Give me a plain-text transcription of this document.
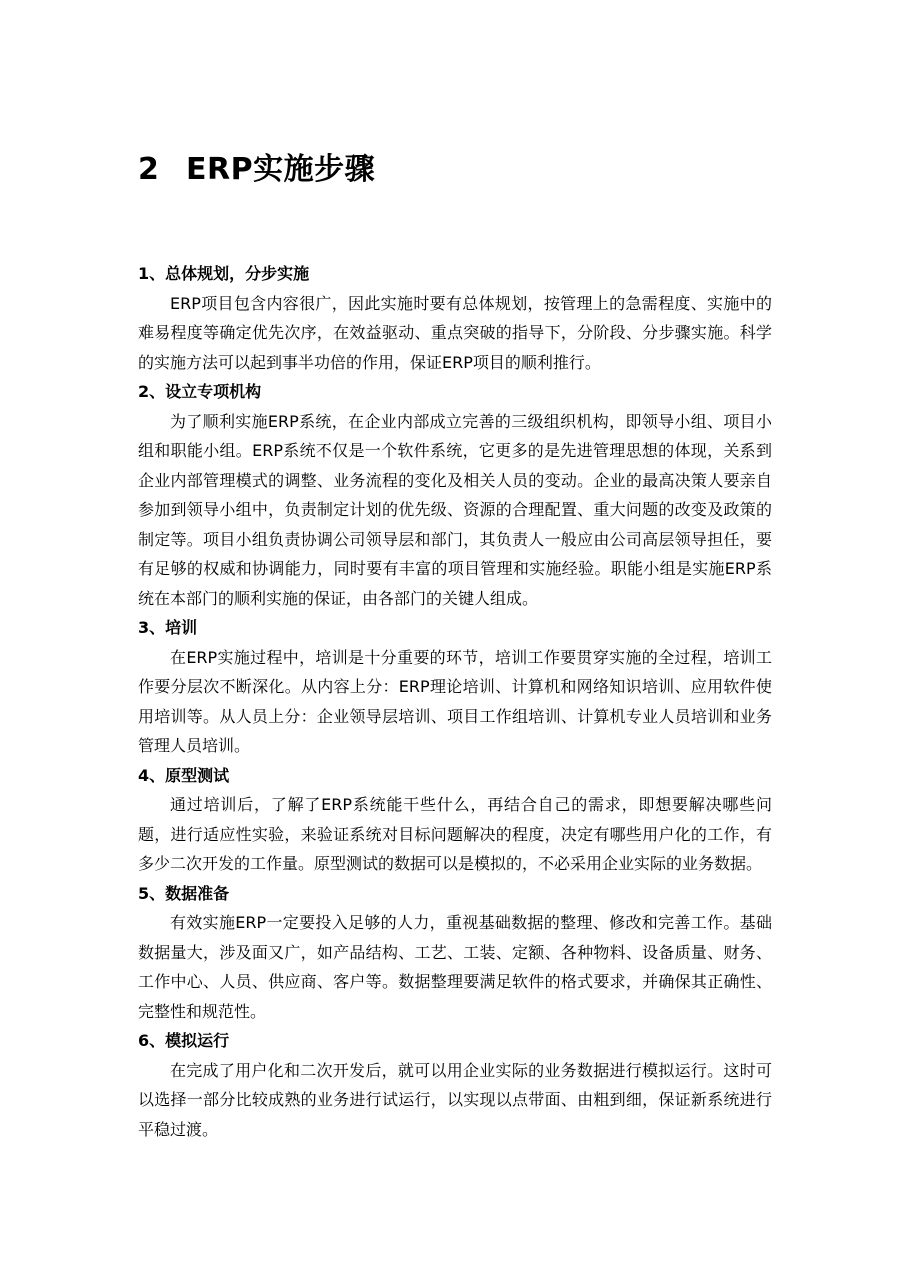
2 ERP实施步骤

1、总体规划，分步实施

ERP项目包含内容很广，因此实施时要有总体规划，按管理上的急需程度、实施中的难易程度等确定优先次序，在效益驱动、重点突破的指导下，分阶段、分步骤实施。科学的实施方法可以起到事半功倍的作用，保证ERP项目的顺利推行。

2、设立专项机构

为了顺利实施ERP系统，在企业内部成立完善的三级组织机构，即领导小组、项目小组和职能小组。ERP系统不仅是一个软件系统，它更多的是先进管理思想的体现，关系到企业内部管理模式的调整、业务流程的变化及相关人员的变动。企业的最高决策人要亲自参加到领导小组中，负责制定计划的优先级、资源的合理配置、重大问题的改变及政策的制定等。项目小组负责协调公司领导层和部门，其负责人一般应由公司高层领导担任，要有足够的权威和协调能力，同时要有丰富的项目管理和实施经验。职能小组是实施ERP系统在本部门的顺利实施的保证，由各部门的关键人组成。

3、培训

在ERP实施过程中，培训是十分重要的环节，培训工作要贯穿实施的全过程，培训工作要分层次不断深化。从内容上分：ERP理论培训、计算机和网络知识培训、应用软件使用培训等。从人员上分：企业领导层培训、项目工作组培训、计算机专业人员培训和业务管理人员培训。

4、原型测试

通过培训后，了解了ERP系统能干些什么，再结合自己的需求，即想要解决哪些问题，进行适应性实验，来验证系统对目标问题解决的程度，决定有哪些用户化的工作，有多少二次开发的工作量。原型测试的数据可以是模拟的，不必采用企业实际的业务数据。

5、数据准备

有效实施ERP一定要投入足够的人力，重视基础数据的整理、修改和完善工作。基础数据量大，涉及面又广，如产品结构、工艺、工装、定额、各种物料、设备质量、财务、工作中心、人员、供应商、客户等。数据整理要满足软件的格式要求，并确保其正确性、完整性和规范性。

6、模拟运行

在完成了用户化和二次开发后，就可以用企业实际的业务数据进行模拟运行。这时可以选择一部分比较成熟的业务进行试运行，以实现以点带面、由粗到细，保证新系统进行平稳过渡。
